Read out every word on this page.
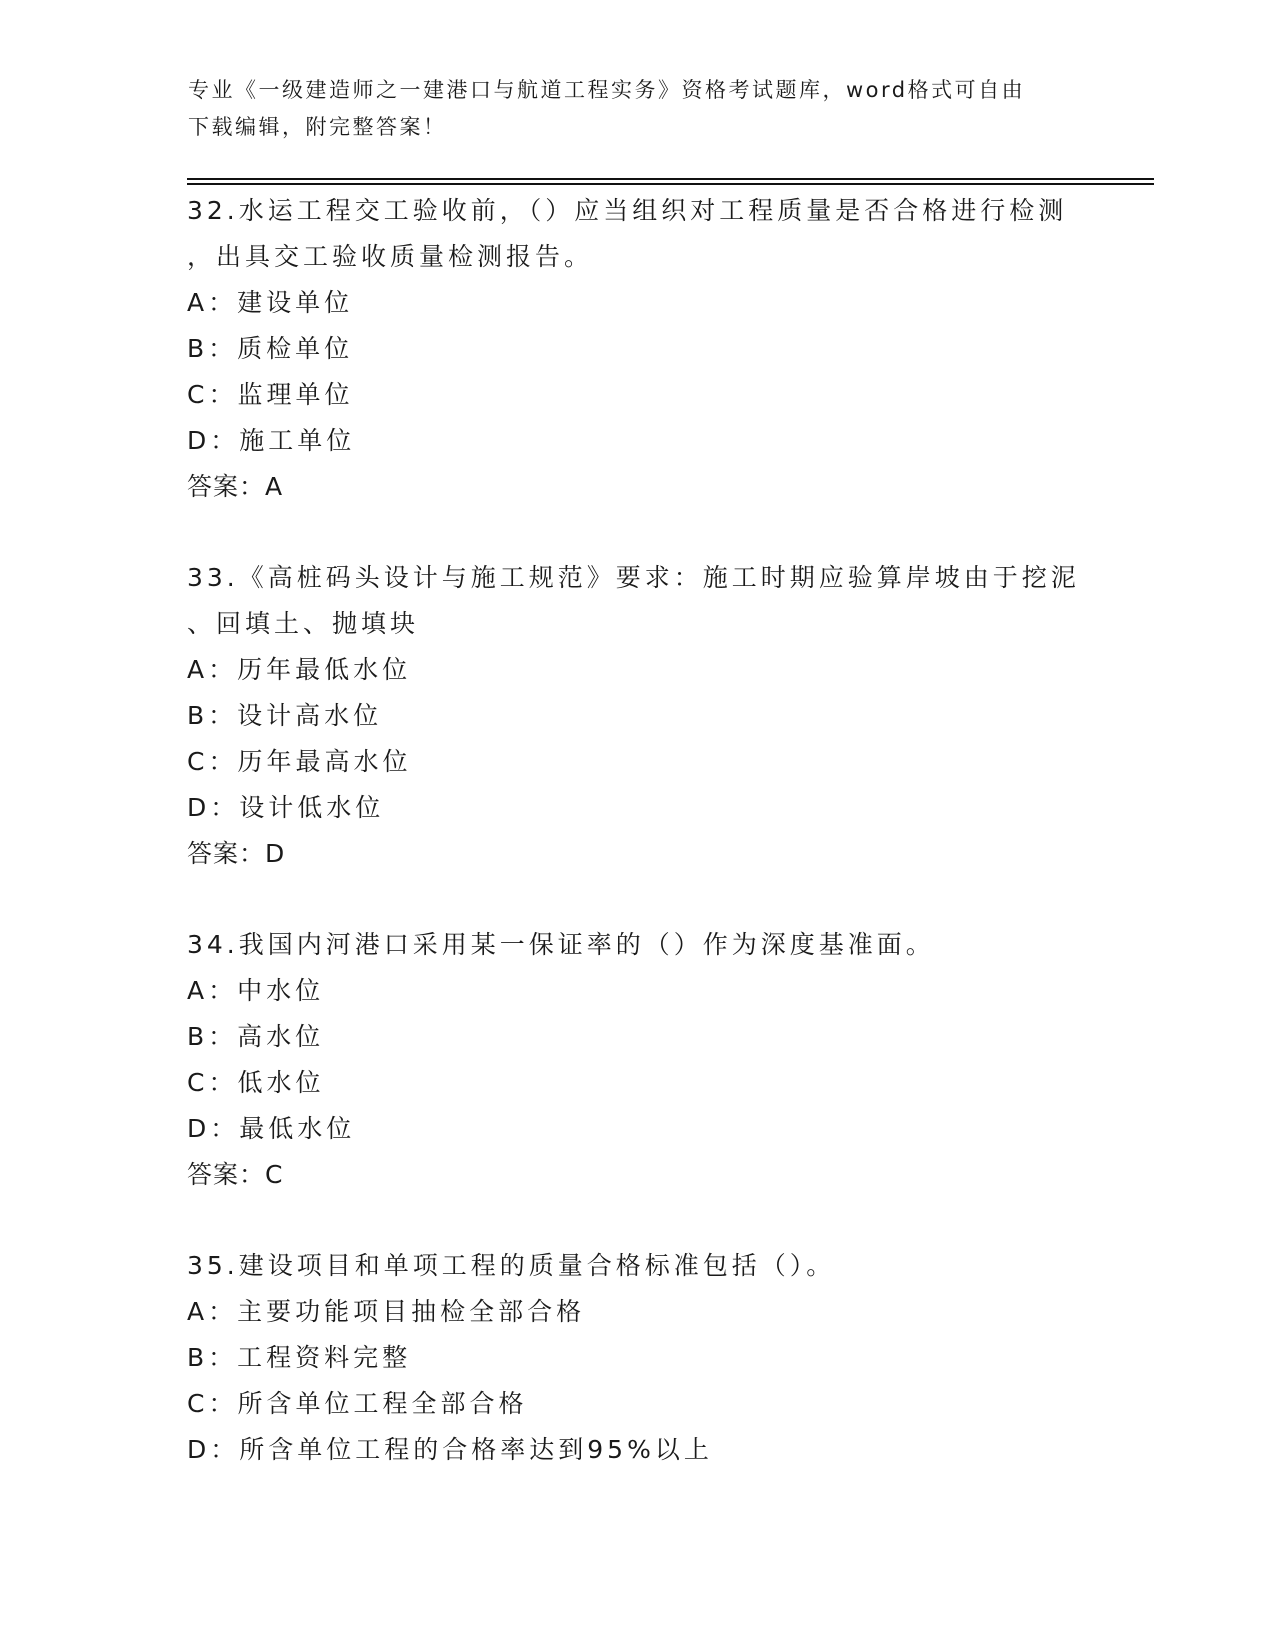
专业《一级建造师之一建港口与航道工程实务》资格考试题库，word格式可自由
下载编辑，附完整答案！
32.水运工程交工验收前，（）应当组织对工程质量是否合格进行检测
，出具交工验收质量检测报告。
A：建设单位
B：质检单位
C：监理单位
D：施工单位
答案：A
33.《高桩码头设计与施工规范》要求：施工时期应验算岸坡由于挖泥
、回填土、抛填块
A：历年最低水位
B：设计高水位
C：历年最高水位
D：设计低水位
答案：D
34.我国内河港口采用某一保证率的（）作为深度基准面。
A：中水位
B：高水位
C：低水位
D：最低水位
答案：C
35.建设项目和单项工程的质量合格标准包括（）。
A：主要功能项目抽检全部合格
B：工程资料完整
C：所含单位工程全部合格
D：所含单位工程的合格率达到95%以上
